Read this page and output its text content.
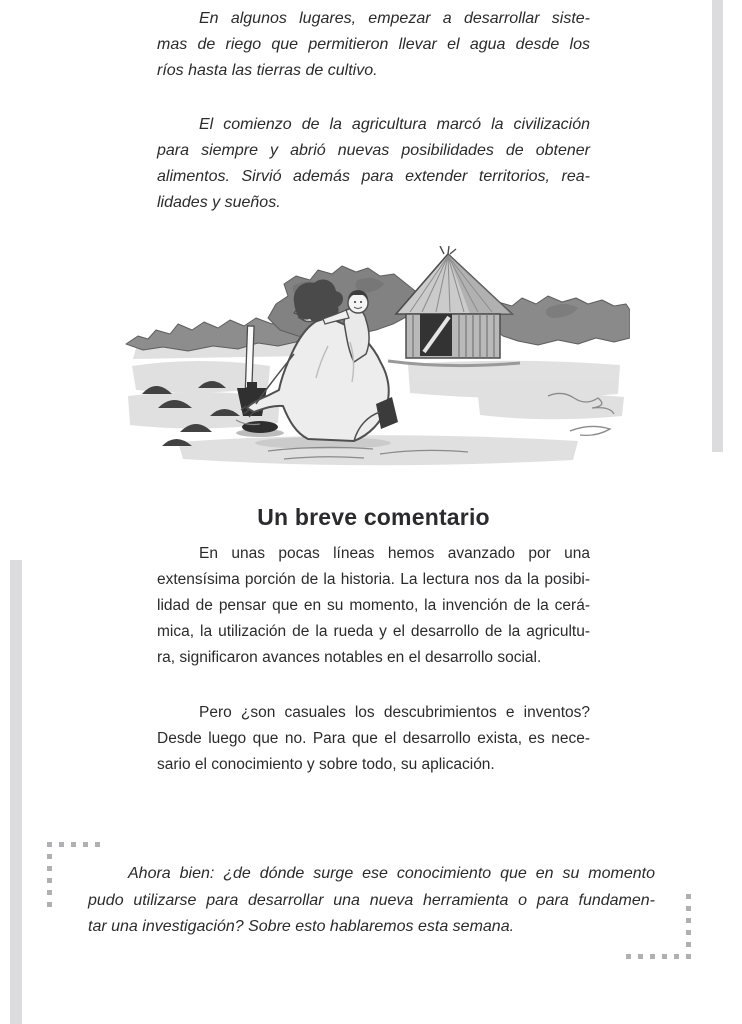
En algunos lugares, empezar a desarrollar siste-
mas de riego que permitieron llevar el agua desde los
ríos hasta las tierras de cultivo.
El comienzo de la agricultura marcó la civilización
para siempre y abrió nuevas posibilidades de obtener
alimentos. Sirvió además para extender territorios, rea-
lidades y sueños.
Un breve comentario
En unas pocas líneas hemos avanzado por una
extensísima porción de la historia. La lectura nos da la posibi-
lidad de pensar que en su momento, la invención de la cerá-
mica, la utilización de la rueda y el desarrollo de la agricultu-
ra, significaron avances notables en el desarrollo social.
Pero ¿son casuales los descubrimientos e inventos?
Desde luego que no. Para que el desarrollo exista, es nece-
sario el conocimiento y sobre todo, su aplicación.
Ahora bien: ¿de dónde surge ese conocimiento que en su momento
pudo utilizarse para desarrollar una nueva herramienta o para fundamen-
tar una investigación? Sobre esto hablaremos esta semana.
